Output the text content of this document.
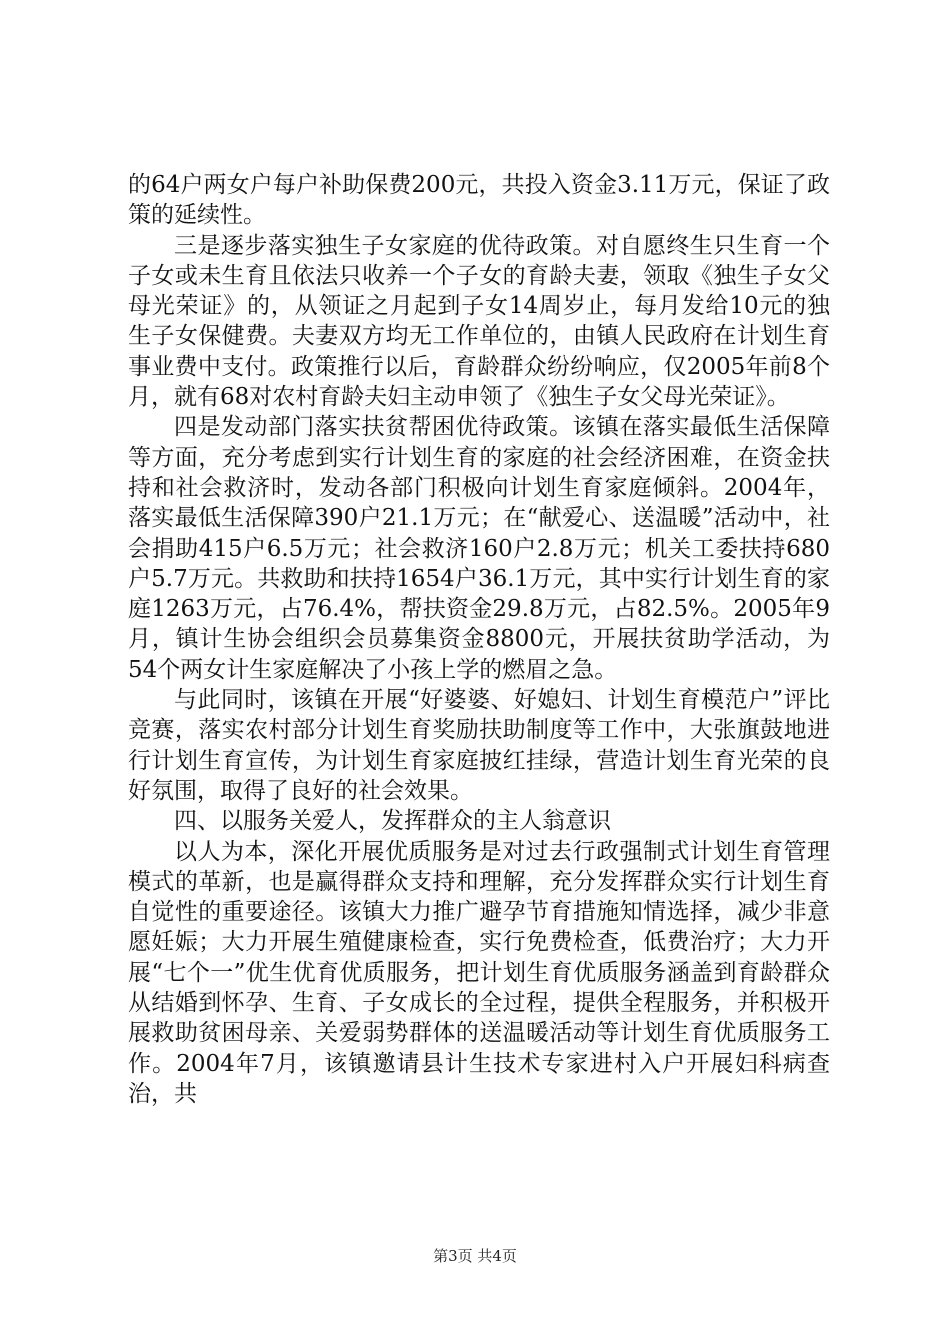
的64户两女户每户补助保费200元，共投入资金3.11万元，保证了政策的延续性。

三是逐步落实独生子女家庭的优待政策。对自愿终生只生育一个子女或未生育且依法只收养一个子女的育龄夫妻，领取《独生子女父母光荣证》的，从领证之月起到子女14周岁止，每月发给10元的独生子女保健费。夫妻双方均无工作单位的，由镇人民政府在计划生育事业费中支付。政策推行以后，育龄群众纷纷响应，仅2005年前8个月，就有68对农村育龄夫妇主动申领了《独生子女父母光荣证》。

四是发动部门落实扶贫帮困优待政策。该镇在落实最低生活保障等方面，充分考虑到实行计划生育的家庭的社会经济困难，在资金扶持和社会救济时，发动各部门积极向计划生育家庭倾斜。2004年，落实最低生活保障390户21.1万元；在“献爱心、送温暖”活动中，社会捐助415户6.5万元；社会救济160户2.8万元；机关工委扶持680户5.7万元。共救助和扶持1654户36.1万元，其中实行计划生育的家庭1263万元，占76.4%，帮扶资金29.8万元，占82.5%。2005年9月，镇计生协会组织会员募集资金8800元，开展扶贫助学活动，为54个两女计生家庭解决了小孩上学的燃眉之急。

与此同时，该镇在开展“好婆婆、好媳妇、计划生育模范户”评比竞赛，落实农村部分计划生育奖励扶助制度等工作中，大张旗鼓地进行计划生育宣传，为计划生育家庭披红挂绿，营造计划生育光荣的良好氛围，取得了良好的社会效果。

四、以服务关爱人，发挥群众的主人翁意识

以人为本，深化开展优质服务是对过去行政强制式计划生育管理模式的革新，也是赢得群众支持和理解，充分发挥群众实行计划生育自觉性的重要途径。该镇大力推广避孕节育措施知情选择，减少非意愿妊娠；大力开展生殖健康检查，实行免费检查，低费治疗；大力开展“七个一”优生优育优质服务，把计划生育优质服务涵盖到育龄群众从结婚到怀孕、生育、子女成长的全过程，提供全程服务，并积极开展救助贫困母亲、关爱弱势群体的送温暖活动等计划生育优质服务工作。2004年7月，该镇邀请县计生技术专家进村入户开展妇科病查治，共

第3页 共4页
